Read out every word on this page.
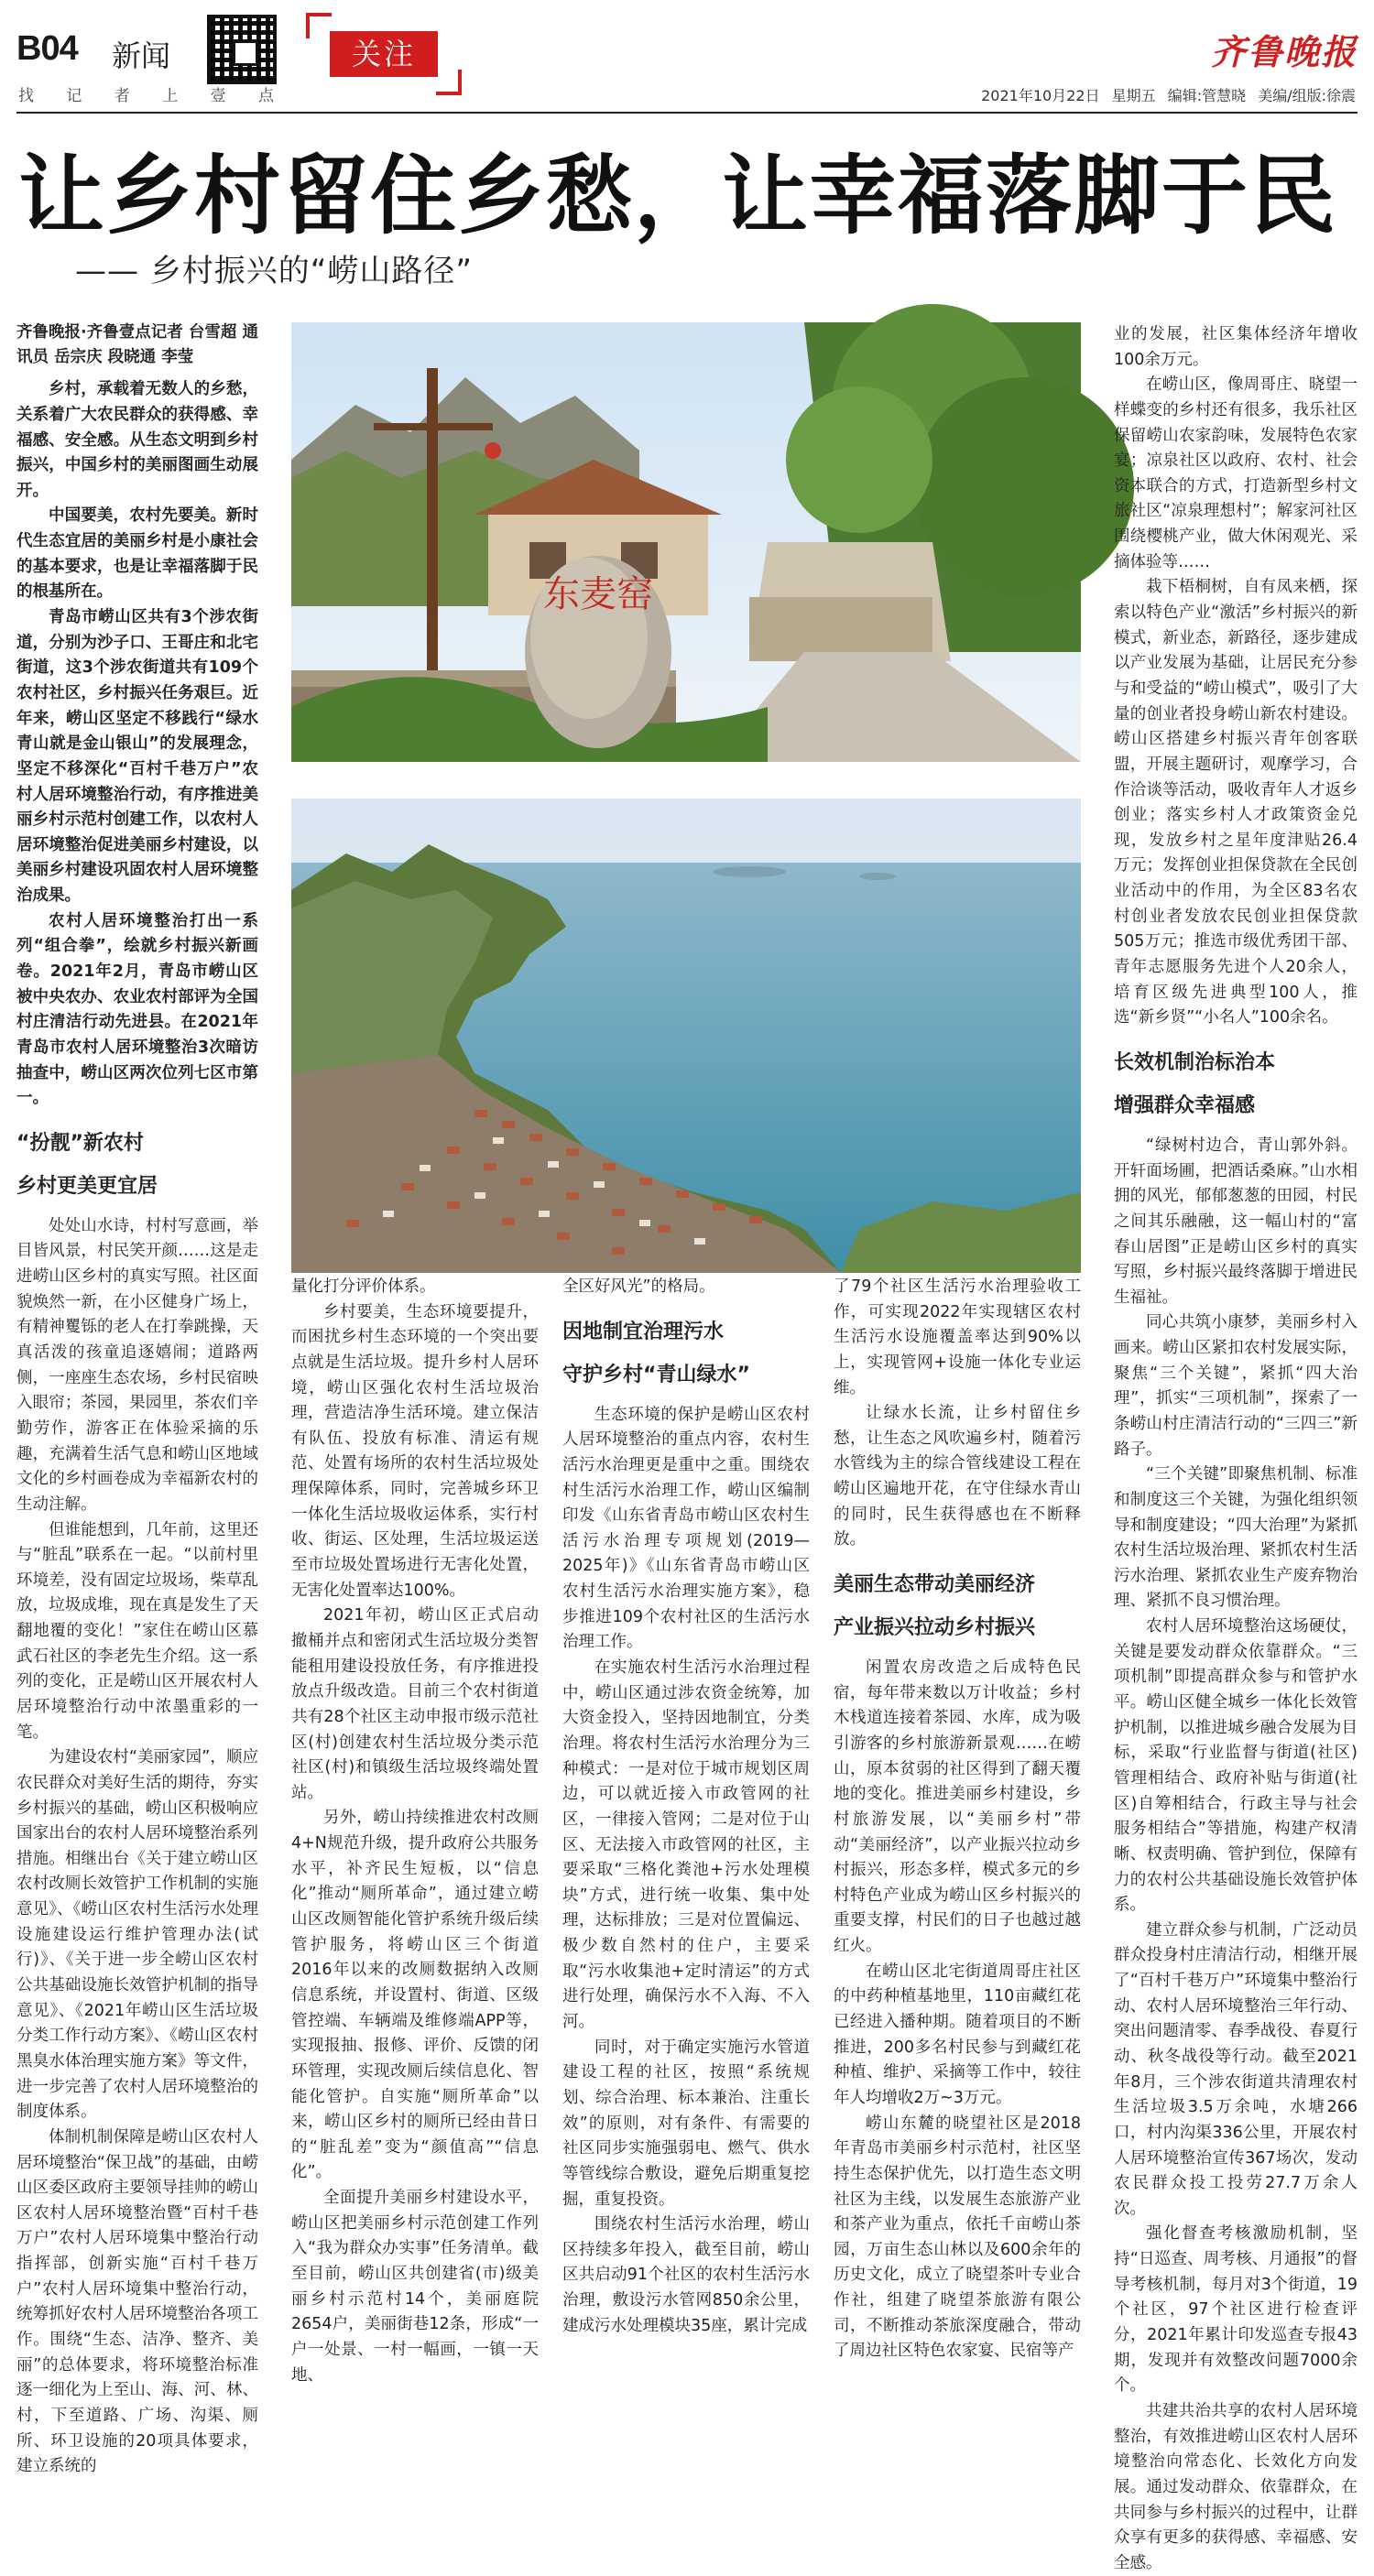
B04 新闻
找 记 者 上 壹 点
关注	齐鲁晚报
2021年10月22日 星期五 编辑:管慧晓 美编/组版:徐震
让乡村留住乡愁，让幸福落脚于民
—— 乡村振兴的“崂山路径”
东麦窑

齐鲁晚报·齐鲁壹点记者 台雪超 通讯员 岳宗庆 段晓通 李莹

乡村，承载着无数人的乡愁，关系着广大农民群众的获得感、幸福感、安全感。从生态文明到乡村振兴，中国乡村的美丽图画生动展开。

中国要美，农村先要美。新时代生态宜居的美丽乡村是小康社会的基本要求，也是让幸福落脚于民的根基所在。

青岛市崂山区共有3个涉农街道，分别为沙子口、王哥庄和北宅街道，这3个涉农街道共有109个农村社区，乡村振兴任务艰巨。近年来，崂山区坚定不移践行“绿水青山就是金山银山”的发展理念，坚定不移深化“百村千巷万户”农村人居环境整治行动，有序推进美丽乡村示范村创建工作，以农村人居环境整治促进美丽乡村建设，以美丽乡村建设巩固农村人居环境整治成果。

农村人居环境整治打出一系列“组合拳”，绘就乡村振兴新画卷。2021年2月，青岛市崂山区被中央农办、农业农村部评为全国村庄清洁行动先进县。在2021年青岛市农村人居环境整治3次暗访抽查中，崂山区两次位列七区市第一。

“扮靓”新农村
乡村更美更宜居

处处山水诗，村村写意画，举目皆风景，村民笑开颜……这是走进崂山区乡村的真实写照。社区面貌焕然一新，在小区健身广场上，有精神矍铄的老人在打拳跳操，天真活泼的孩童追逐嬉闹；道路两侧，一座座生态农场，乡村民宿映入眼帘；茶园，果园里，茶农们辛勤劳作，游客正在体验采摘的乐趣，充满着生活气息和崂山区地域文化的乡村画卷成为幸福新农村的生动注解。

但谁能想到，几年前，这里还与“脏乱”联系在一起。“以前村里环境差，没有固定垃圾场，柴草乱放，垃圾成堆，现在真是发生了天翻地覆的变化！”家住在崂山区慕武石社区的李老先生介绍。这一系列的变化，正是崂山区开展农村人居环境整治行动中浓墨重彩的一笔。

为建设农村“美丽家园”，顺应农民群众对美好生活的期待，夯实乡村振兴的基础，崂山区积极响应国家出台的农村人居环境整治系列措施。相继出台《关于建立崂山区农村改厕长效管护工作机制的实施意见》、《崂山区农村生活污水处理设施建设运行维护管理办法(试行)》、《关于进一步全崂山区农村公共基础设施长效管护机制的指导意见》、《2021年崂山区生活垃圾分类工作行动方案》、《崂山区农村黑臭水体治理实施方案》等文件，进一步完善了农村人居环境整治的制度体系。

体制机制保障是崂山区农村人居环境整治“保卫战”的基础，由崂山区委区政府主要领导挂帅的崂山区农村人居环境整治暨“百村千巷万户”农村人居环境集中整治行动指挥部，创新实施“百村千巷万户”农村人居环境集中整治行动，统筹抓好农村人居环境整治各项工作。围绕“生态、洁净、整齐、美丽”的总体要求，将环境整治标准逐一细化为上至山、海、河、林、村，下至道路、广场、沟渠、厕所、环卫设施的20项具体要求，建立系统的

量化打分评价体系。

乡村要美，生态环境要提升，而困扰乡村生态环境的一个突出要点就是生活垃圾。提升乡村人居环境，崂山区强化农村生活垃圾治理，营造洁净生活环境。建立保洁有队伍、投放有标准、清运有规范、处置有场所的农村生活垃圾处理保障体系，同时，完善城乡环卫一体化生活垃圾收运体系，实行村收、街运、区处理，生活垃圾运送至市垃圾处置场进行无害化处置，无害化处置率达100%。

2021年初，崂山区正式启动撤桶并点和密闭式生活垃圾分类智能租用建设投放任务，有序推进投放点升级改造。目前三个农村街道共有28个社区主动申报市级示范社区(村)创建农村生活垃圾分类示范社区(村)和镇级生活垃圾终端处置站。

另外，崂山持续推进农村改厕4+N规范升级，提升政府公共服务水平，补齐民生短板，以“信息化”推动“厕所革命”，通过建立崂山区改厕智能化管护系统升级后续管护服务，将崂山区三个街道2016年以来的改厕数据纳入改厕信息系统，并设置村、街道、区级管控端、车辆端及维修端APP等，实现报抽、报修、评价、反馈的闭环管理，实现改厕后续信息化、智能化管护。自实施“厕所革命”以来，崂山区乡村的厕所已经由昔日的“脏乱差”变为“颜值高”“信息化”。

全面提升美丽乡村建设水平，崂山区把美丽乡村示范创建工作列入“我为群众办实事”任务清单。截至目前，崂山区共创建省(市)级美丽乡村示范村14个，美丽庭院2654户，美丽街巷12条，形成“一户一处景、一村一幅画，一镇一天地、

全区好风光”的格局。

因地制宜治理污水
守护乡村“青山绿水”

生态环境的保护是崂山区农村人居环境整治的重点内容，农村生活污水治理更是重中之重。围绕农村生活污水治理工作，崂山区编制印发《山东省青岛市崂山区农村生活污水治理专项规划(2019—2025年)》《山东省青岛市崂山区农村生活污水治理实施方案》，稳步推进109个农村社区的生活污水治理工作。

在实施农村生活污水治理过程中，崂山区通过涉农资金统筹，加大资金投入，坚持因地制宜，分类治理。将农村生活污水治理分为三种模式：一是对位于城市规划区周边，可以就近接入市政管网的社区，一律接入管网；二是对位于山区、无法接入市政管网的社区，主要采取“三格化粪池+污水处理模块”方式，进行统一收集、集中处理，达标排放；三是对位置偏远、极少数自然村的住户，主要采取“污水收集池+定时清运”的方式进行处理，确保污水不入海、不入河。

同时，对于确定实施污水管道建设工程的社区，按照“系统规划、综合治理、标本兼治、注重长效”的原则，对有条件、有需要的社区同步实施强弱电、燃气、供水等管线综合敷设，避免后期重复挖掘，重复投资。

围绕农村生活污水治理，崂山区持续多年投入，截至目前，崂山区共启动91个社区的农村生活污水治理，敷设污水管网850余公里，建成污水处理模块35座，累计完成

了79个社区生活污水治理验收工作，可实现2022年实现辖区农村生活污水设施覆盖率达到90%以上，实现管网+设施一体化专业运维。

让绿水长流，让乡村留住乡愁，让生态之风吹遍乡村，随着污水管线为主的综合管线建设工程在崂山区遍地开花，在守住绿水青山的同时，民生获得感也在不断释放。

美丽生态带动美丽经济
产业振兴拉动乡村振兴

闲置农房改造之后成特色民宿，每年带来数以万计收益；乡村木栈道连接着茶园、水库，成为吸引游客的乡村旅游新景观……在崂山，原本贫弱的社区得到了翻天覆地的变化。推进美丽乡村建设，乡村旅游发展，以“美丽乡村”带动“美丽经济”，以产业振兴拉动乡村振兴，形态多样，模式多元的乡村特色产业成为崂山区乡村振兴的重要支撑，村民们的日子也越过越红火。

在崂山区北宅街道周哥庄社区的中药种植基地里，110亩藏红花已经进入播种期。随着项目的不断推进，200多名村民参与到藏红花种植、维护、采摘等工作中，较往年人均增收2万~3万元。

崂山东麓的晓望社区是2018年青岛市美丽乡村示范村，社区坚持生态保护优先，以打造生态文明社区为主线，以发展生态旅游产业和茶产业为重点，依托千亩崂山茶园，万亩生态山林以及600余年的历史文化，成立了晓望茶叶专业合作社，组建了晓望茶旅游有限公司，不断推动茶旅深度融合，带动了周边社区特色农家宴、民宿等产

业的发展，社区集体经济年增收100余万元。

在崂山区，像周哥庄、晓望一样蝶变的乡村还有很多，我乐社区保留崂山农家韵味，发展特色农家宴；凉泉社区以政府、农村、社会资本联合的方式，打造新型乡村文旅社区“凉泉理想村”；解家河社区围绕樱桃产业，做大休闲观光、采摘体验等……

栽下梧桐树，自有凤来栖，探索以特色产业“激活”乡村振兴的新模式，新业态，新路径，逐步建成以产业发展为基础，让居民充分参与和受益的“崂山模式”，吸引了大量的创业者投身崂山新农村建设。崂山区搭建乡村振兴青年创客联盟，开展主题研讨，观摩学习，合作洽谈等活动，吸收青年人才返乡创业；落实乡村人才政策资金兑现，发放乡村之星年度津贴26.4万元；发挥创业担保贷款在全民创业活动中的作用，为全区83名农村创业者发放农民创业担保贷款505万元；推选市级优秀团干部、青年志愿服务先进个人20余人，培育区级先进典型100人，推选“新乡贤”“小名人”100余名。

长效机制治标治本
增强群众幸福感

“绿树村边合，青山郭外斜。开轩面场圃，把酒话桑麻。”山水相拥的风光，郁郁葱葱的田园，村民之间其乐融融，这一幅山村的“富春山居图”正是崂山区乡村的真实写照，乡村振兴最终落脚于增进民生福祉。

同心共筑小康梦，美丽乡村入画来。崂山区紧扣农村发展实际，聚焦“三个关键”，紧抓“四大治理”，抓实“三项机制”，探索了一条崂山村庄清洁行动的“三四三”新路子。

“三个关键”即聚焦机制、标准和制度这三个关键，为强化组织领导和制度建设；“四大治理”为紧抓农村生活垃圾治理、紧抓农村生活污水治理、紧抓农业生产废弃物治理、紧抓不良习惯治理。

农村人居环境整治这场硬仗，关键是要发动群众依靠群众。“三项机制”即提高群众参与和管护水平。崂山区健全城乡一体化长效管护机制，以推进城乡融合发展为目标，采取“行业监督与街道(社区)管理相结合、政府补贴与街道(社区)自筹相结合，行政主导与社会服务相结合”等措施，构建产权清晰、权责明确、管护到位，保障有力的农村公共基础设施长效管护体系。

建立群众参与机制，广泛动员群众投身村庄清洁行动，相继开展了“百村千巷万户”环境集中整治行动、农村人居环境整治三年行动、突出问题清零、春季战役、春夏行动、秋冬战役等行动。截至2021年8月，三个涉农街道共清理农村生活垃圾3.5万余吨，水塘266口，村内沟渠336公里，开展农村人居环境整治宣传367场次，发动农民群众投工投劳27.7万余人次。

强化督查考核激励机制，坚持“日巡查、周考核、月通报”的督导考核机制，每月对3个街道，19个社区，97个社区进行检查评分，2021年累计印发巡查专报43期，发现并有效整改问题7000余个。

共建共治共享的农村人居环境整治，有效推进崂山区农村人居环境整治向常态化、长效化方向发展。通过发动群众、依靠群众，在共同参与乡村振兴的过程中，让群众享有更多的获得感、幸福感、安全感。
